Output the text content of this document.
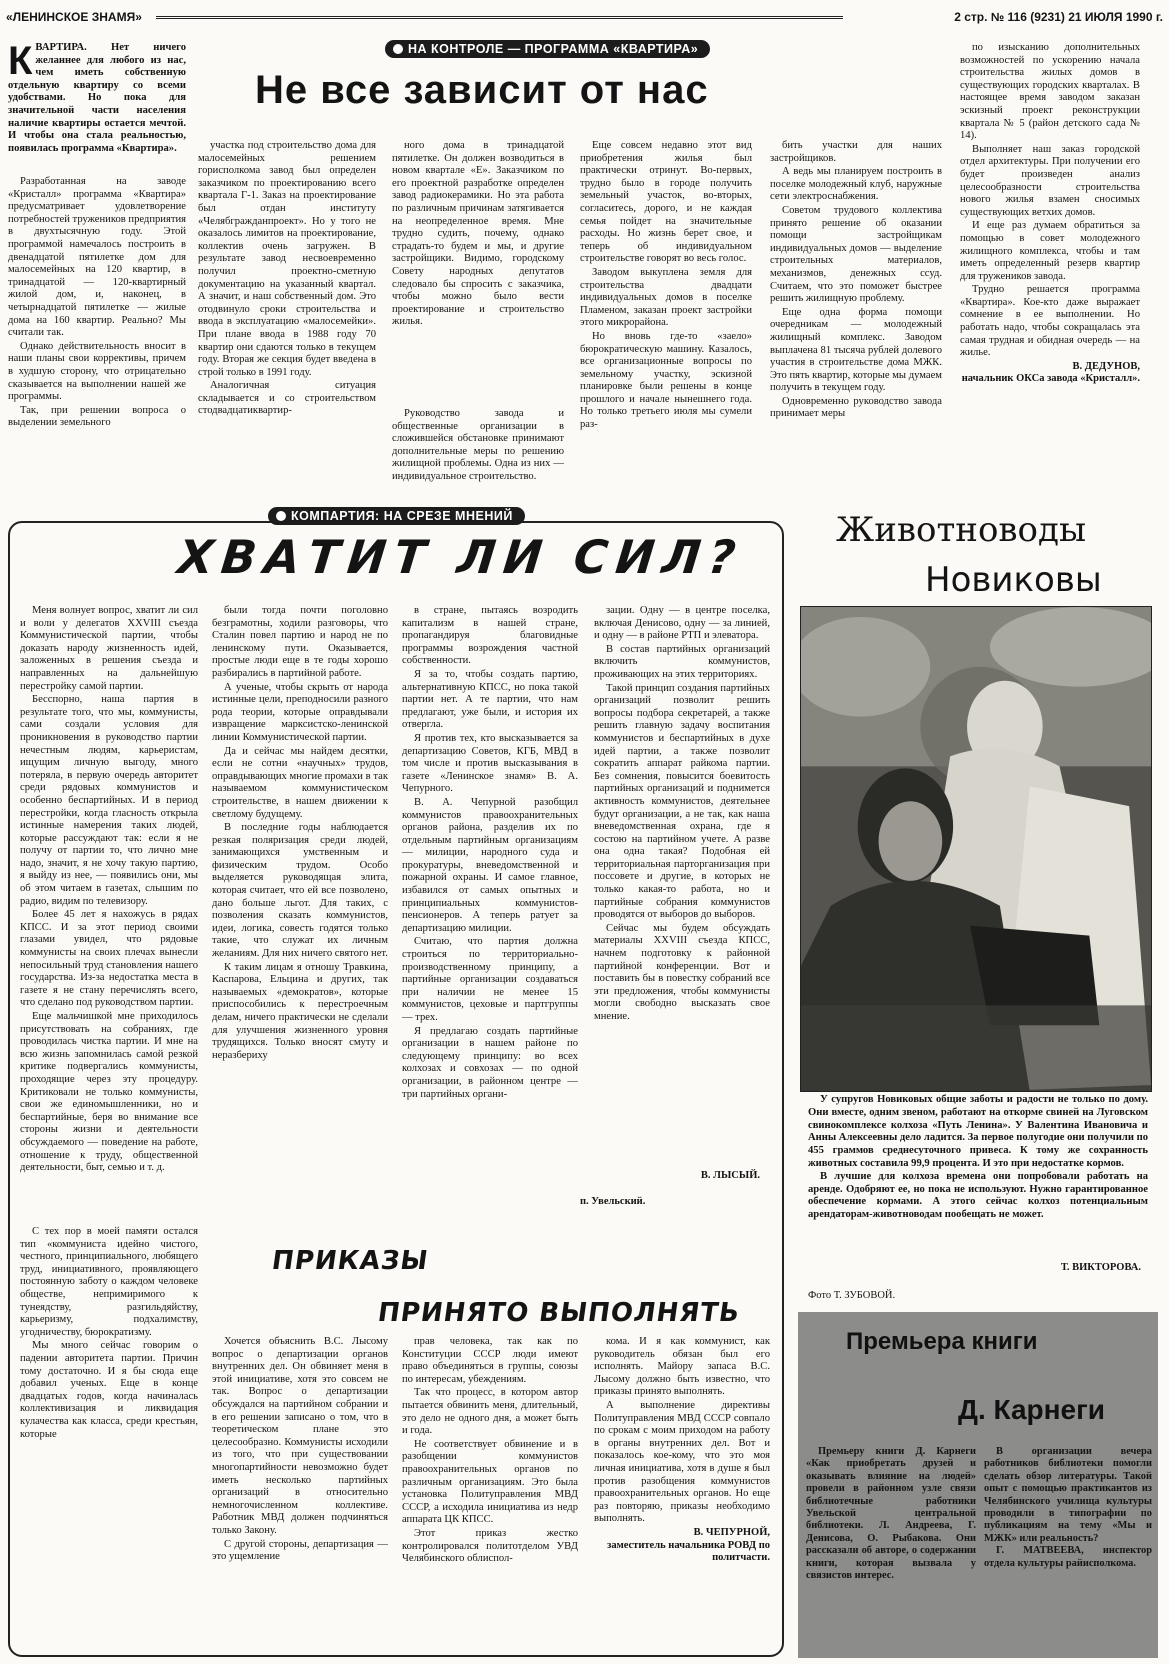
«ЛЕНИНСКОЕ ЗНАМЯ»	2 стр. № 116 (9231) 21 ИЮЛЯ 1990 г.
НА КОНТРОЛЕ — ПРОГРАММА «КВАРТИРА»
Не все зависит от нас
КВАРТИРА. Нет ничего желаннее для любого из нас, чем иметь собственную отдельную квартиру со всеми удобствами. Но пока для значительной части населения наличие квартиры остается мечтой. И чтобы она стала реальностью, появилась программа «Квартира».

Разработанная на заводе «Кристалл» программа «Квартира» предусматривает удовлетворение потребностей тружеников предприятия в двухтысячную году. Этой программой намечалось построить в двенадцатой пятилетке дом для малосемейных на 120 квартир, в тринадцатой — 120-квартирный жилой дом, и, наконец, в четырнадцатой пятилетке — жилые дома на 160 квартир. Реально? Мы считали так.

Однако действительность вносит в наши планы свои коррективы, причем в худшую сторону, что отрицательно сказывается на выполнении нашей же программы.

Так, при решении вопроса о выделении земельного

участка под строительство дома для малосемейных решением горисполкома завод был определен заказчиком по проектированию всего квартала Г-1. Заказ на проектирование был отдан институту «Челябгражданпроект». Но у того не оказалось лимитов на проектирование, коллектив очень загружен. В результате завод несвоевременно получил проектно-сметную документацию на указанный квартал. А значит, и наш собственный дом. Это отодвинуло сроки строительства и ввода в эксплуатацию «малосемейки». При плане ввода в 1988 году 70 квартир они сдаются только в текущем году. Вторая же секция будет введена в строй только в 1991 году.

Аналогичная ситуация складывается и со строительством стодвадцатиквартир-

ного дома в тринадцатой пятилетке. Он должен возводиться в новом квартале «Е». Заказчиком по его проектной разработке определен завод радиокерамики. Но эта работа по различным причинам затягивается на неопределенное время. Мне трудно судить, почему, однако страдать-то будем и мы, и другие застройщики. Видимо, городскому Совету народных депутатов следовало бы спросить с заказчика, чтобы можно было вести проектирование и строительство жилья.

Руководство завода и общественные организации в сложившейся обстановке принимают дополнительные меры по решению жилищной проблемы. Одна из них — индивидуальное строительство.

Еще совсем недавно этот вид приобретения жилья был практически отринут. Во-первых, трудно было в городе получить земельный участок, во-вторых, согласитесь, дорого, и не каждая семья пойдет на значительные расходы. Но жизнь берет свое, и теперь об индивидуальном строительстве говорят во весь голос.

Заводом выкуплена земля для строительства двадцати индивидуальных домов в поселке Пламеном, заказан проект застройки этого микрорайона.

Но вновь где-то «заело» бюрократическую машину. Казалось, все организационные вопросы по земельному участку, эскизной планировке были решены в конце прошлого и начале нынешнего года. Но только третьего июля мы сумели раз-

бить участки для наших застройщиков.

А ведь мы планируем построить в поселке молодежный клуб, наружные сети электроснабжения.

Советом трудового коллектива принято решение об оказании помощи застройщикам индивидуальных домов — выделение строительных материалов, механизмов, денежных ссуд. Считаем, что это поможет быстрее решить жилищную проблему.

Еще одна форма помощи очередникам — молодежный жилищный комплекс. Заводом выплачена 81 тысяча рублей долевого участия в строительстве дома МЖК. Это пять квартир, которые мы думаем получить в текущем году.

Одновременно руководство завода принимает меры

по изысканию дополнительных возможностей по ускорению начала строительства жилых домов в существующих городских кварталах. В настоящее время заводом заказан эскизный проект реконструкции квартала № 5 (район детского сада № 14).

Выполняет наш заказ городской отдел архитектуры. При получении его будет произведен анализ целесообразности строительства нового жилья взамен сносимых существующих ветхих домов.

И еще раз думаем обратиться за помощью в совет молодежного жилищного комплекса, чтобы и там иметь определенный резерв квартир для тружеников завода.

Трудно решается программа «Квартира». Кое-кто даже выражает сомнение в ее выполнении. Но работать надо, чтобы сокращалась эта самая трудная и обидная очередь — на жилье.

В. ДЕДУНОВ,
начальник ОКСа завода «Кристалл».
КОМПАРТИЯ: НА СРЕЗЕ МНЕНИЙ
ХВАТИТ ЛИ СИЛ?

Меня волнует вопрос, хватит ли сил и воли у делегатов XXVIII съезда Коммунистической партии, чтобы доказать народу жизненность идей, заложенных в решения съезда и направленных на дальнейшую перестройку самой партии.

Бесспорно, наша партия в результате того, что мы, коммунисты, сами создали условия для проникновения в руководство партии нечестным людям, карьеристам, ищущим личную выгоду, много потеряла, в первую очередь авторитет среди рядовых коммунистов и особенно беспартийных. И в период перестройки, когда гласность открыла истинные намерения таких людей, которые рассуждают так: если я не получу от партии то, что лично мне надо, значит, я не хочу такую партию, я выйду из нее, — появились они, мы об этом читаем в газетах, слышим по радио, видим по телевизору.

Более 45 лет я нахожусь в рядах КПСС. И за этот период своими глазами увидел, что рядовые коммунисты на своих плечах вынесли непосильный труд становления нашего государства. Из-за недостатка места в газете я не стану перечислять всего, что сделано под руководством партии.

Еще мальчишкой мне приходилось присутствовать на собраниях, где проводилась чистка партии. И мне на всю жизнь запомнилась самой резкой критике подвергались коммунисты, проходящие через эту процедуру. Критиковали не только коммунисты, свои же единомышленники, но и беспартийные, беря во внимание все стороны жизни и деятельности обсуждаемого — поведение на работе, отношение к труду, общественной деятельности, быт, семью и т. д.

были тогда почти поголовно безграмотны, ходили разговоры, что Сталин повел партию и народ не по ленинскому пути. Оказывается, простые люди еще в те годы хорошо разбирались в партийной работе.

А ученые, чтобы скрыть от народа истинные цели, преподносили разного рода теории, которые оправдывали извращение марксистско-ленинской линии Коммунистической партии.

Да и сейчас мы найдем десятки, если не сотни «научных» трудов, оправдывающих многие промахи в так называемом коммунистическом строительстве, в нашем движении к светлому будущему.

В последние годы наблюдается резкая поляризация среди людей, занимающихся умственным и физическим трудом. Особо выделяется руководящая элита, которая считает, что ей все позволено, дано больше льгот. Для таких, с позволения сказать коммунистов, идеи, логика, совесть годятся только такие, что служат их личным желаниям. Для них ничего святого нет.

К таким лицам я отношу Травкина, Каспарова, Ельцина и других, так называемых «демократов», которые приспособились к перестроечным делам, ничего практически не сделали для улучшения жизненного уровня трудящихся. Только вносят смуту и неразбериху

в стране, пытаясь возродить капитализм в нашей стране, пропагандируя благовидные программы возрождения частной собственности.

Я за то, чтобы создать партию, альтернативную КПСС, но пока такой партии нет. А те партии, что нам предлагают, уже были, и история их отвергла.

Я против тех, кто высказывается за департизацию Советов, КГБ, МВД в том числе и против высказывания в газете «Ленинское знамя» В. А. Чепурного.

В. А. Чепурной разобщил коммунистов правоохранительных органов района, разделив их по отдельным партийным организациям — милиции, народного суда и прокуратуры, вневедомственной и пожарной охраны. И самое главное, избавился от самых опытных и принципиальных коммунистов-пенсионеров. А теперь ратует за департизацию милиции.

Считаю, что партия должна строиться по территориально-производственному принципу, а партийные организации создаваться при наличии не менее 15 коммунистов, цеховые и партгруппы — трех.

Я предлагаю создать партийные организации в нашем районе по следующему принципу: во всех колхозах и совхозах — по одной организации, в районном центре — три партийных органи-

зации. Одну — в центре поселка, включая Денисово, одну — за линией, и одну — в районе РТП и элеватора.

В состав партийных организаций включить коммунистов, проживающих на этих территориях.

Такой принцип создания партийных организаций позволит решить вопросы подбора секретарей, а также решить главную задачу воспитания коммунистов и беспартийных в духе идей партии, а также позволит сократить аппарат райкома партии. Без сомнения, повысится боевитость партийных организаций и поднимется активность коммунистов, деятельнее будут организации, а не так, как наша вневедомственная охрана, где я состою на партийном учете. А разве она одна такая? Подобная ей территориальная парторганизация при поссовете и другие, в которых не только какая-то работа, но и партийные собрания коммунистов проводятся от выборов до выборов.

Сейчас мы будем обсуждать материалы XXVIII съезда КПСС, начнем подготовку к районной партийной конференции. Вот и поставить бы в повестку собраний все эти предложения, чтобы коммунисты могли свободно высказать свое мнение.

В. ЛЫСЫЙ.
п. Увельский.
ПРИКАЗЫ
ПРИНЯТО ВЫПОЛНЯТЬ

С тех пор в моей памяти остался тип «коммуниста идейно чистого, честного, принципиального, любящего труд, инициативного, проявляющего постоянную заботу о каждом человеке обществе, непримиримого к тунеядству, разгильдяйству, карьеризму, подхалимству, угодничеству, бюрократизму.

Мы много сейчас говорим о падении авторитета партии. Причин тому достаточно. И я бы сюда еще добавил ученых. Еще в конце двадцатых годов, когда начиналась коллективизация и ликвидация кулачества как класса, среди крестьян, которые

Хочется объяснить В.С. Лысому вопрос о департизации органов внутренних дел. Он обвиняет меня в этой инициативе, хотя это совсем не так. Вопрос о департизации обсуждался на партийном собрании и в его решении записано о том, что в теоретическом плане это целесообразно. Коммунисты исходили из того, что при существовании многопартийности невозможно будет иметь несколько партийных организаций в относительно немногочисленном коллективе. Работник МВД должен подчиняться только Закону.

С другой стороны, департизация — это ущемление

прав человека, так как по Конституции СССР люди имеют право объединяться в группы, союзы по интересам, убеждениям.

Так что процесс, в котором автор пытается обвинить меня, длительный, это дело не одного дня, а может быть и года.

Не соответствует обвинение и в разобщении коммунистов правоохранительных органов по различным организациям. Это была установка Политуправления МВД СССР, а исходила инициатива из недр аппарата ЦК КПСС.

Этот приказ жестко контролировался политотделом УВД Челябинского облиспол-

кома. И я как коммунист, как руководитель обязан был его исполнять. Майору запаса В.С. Лысому должно быть известно, что приказы принято выполнять.

А выполнение директивы Политуправления МВД СССР совпало по срокам с моим приходом на работу в органы внутренних дел. Вот и показалось кое-кому, что это моя личная инициатива, хотя в душе я был против разобщения коммунистов правоохранительных органов. Но еще раз повторяю, приказы необходимо выполнять.

В. ЧЕПУРНОЙ,
заместитель начальника РОВД по политчасти.
Животноводы
Новиковы

У супругов Новиковых общие заботы и радости не только по дому. Они вместе, одним звеном, работают на откорме свиней на Луговском свинокомплексе колхоза «Путь Ленина». У Валентина Ивановича и Анны Алексеевны дело ладится. За первое полугодие они получили по 455 граммов среднесуточного привеса. К тому же сохранность животных составила 99,9 процента. И это при недостатке кормов.

В лучшие для колхоза времена они попробовали работать на аренде. Одобряют ее, но пока не используют. Нужно гарантированное обеспечение кормами. А этого сейчас колхоз потенциальным арендаторам-животноводам пообещать не может.

Т. ВИКТОРОВА.
Фото Т. ЗУБОВОЙ.
Премьера книги
Д. Карнеги

Премьеру книги Д. Карнеги «Как приобретать друзей и оказывать влияние на людей» провели в районном узле связи библиотечные работники Увельской центральной библиотеки. Л. Андреева, Г. Денисова, О. Рыбакова. Они рассказали об авторе, о содержании книги, которая вызвала у связистов интерес.

В организации вечера работников библиотеки помогли сделать обзор литературы. Такой опыт с помощью практикантов из Челябинского училища культуры проводили в типографии по публикациям на тему «Мы и МЖК» или реальность?

Г. МАТВЕЕВА, инспектор отдела культуры райисполкома.
